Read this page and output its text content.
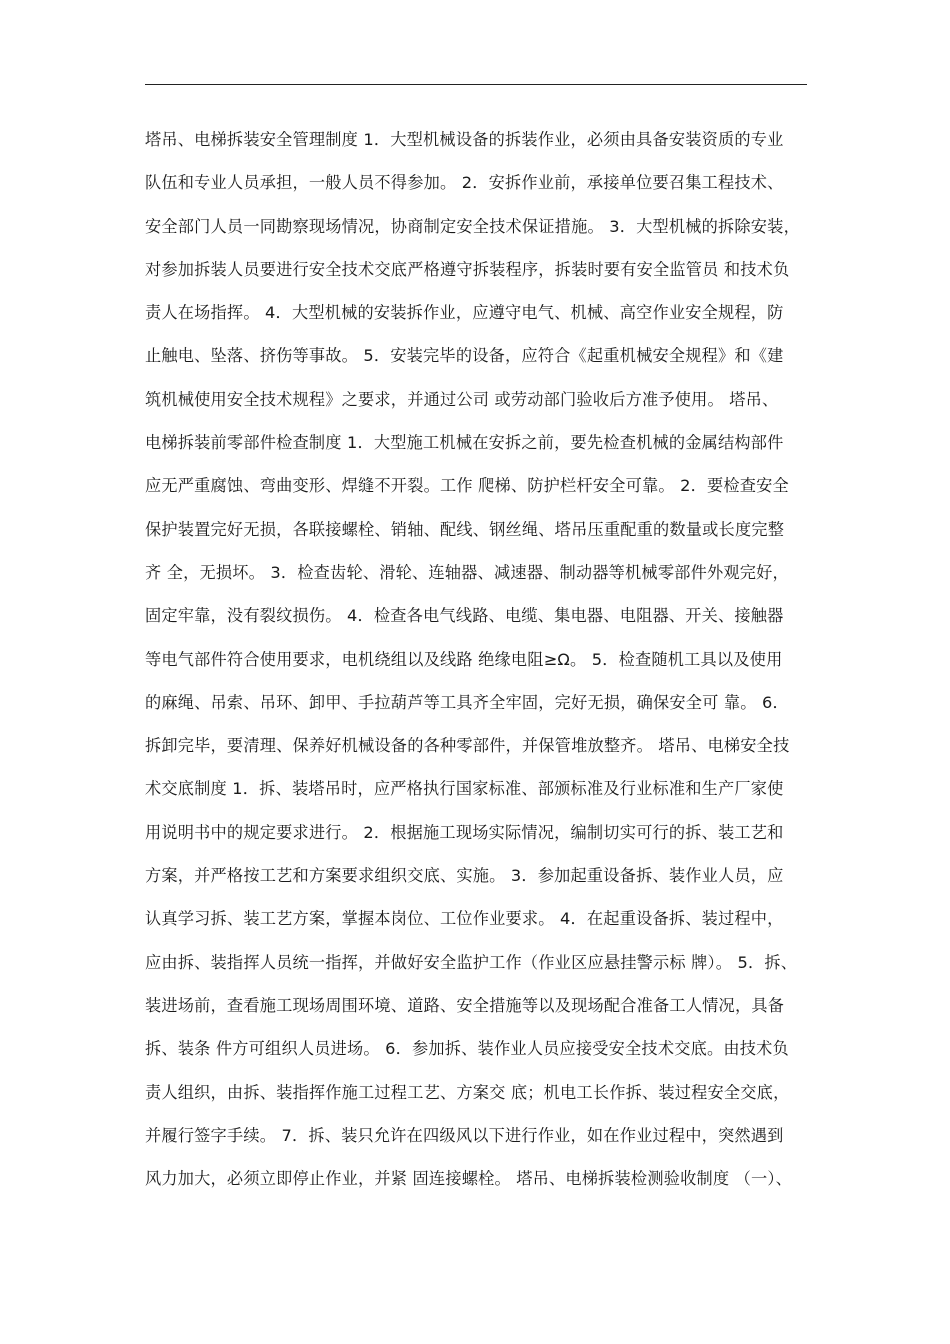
塔吊、电梯拆装安全管理制度 1．大型机械设备的拆装作业，必须由具备安装资质的专业
队伍和专业人员承担，一般人员不得参加。 2．安拆作业前，承接单位要召集工程技术、
安全部门人员一同勘察现场情况，协商制定安全技术保证措施。 3．大型机械的拆除安装，
对参加拆装人员要进行安全技术交底严格遵守拆装程序，拆装时要有安全监管员 和技术负
责人在场指挥。 4．大型机械的安装拆作业，应遵守电气、机械、高空作业安全规程，防
止触电、坠落、挤伤等事故。 5．安装完毕的设备，应符合《起重机械安全规程》和《建
筑机械使用安全技术规程》之要求，并通过公司 或劳动部门验收后方准予使用。 塔吊、
电梯拆装前零部件检查制度 1．大型施工机械在安拆之前，要先检查机械的金属结构部件
应无严重腐蚀、弯曲变形、焊缝不开裂。工作 爬梯、防护栏杆安全可靠。 2．要检查安全
保护装置完好无损，各联接螺栓、销轴、配线、钢丝绳、塔吊压重配重的数量或长度完整
齐 全，无损坏。 3．检查齿轮、滑轮、连轴器、减速器、制动器等机械零部件外观完好，
固定牢靠，没有裂纹损伤。 4．检查各电气线路、电缆、集电器、电阻器、开关、接触器
等电气部件符合使用要求，电机绕组以及线路 绝缘电阻≥Ω。 5．检查随机工具以及使用
的麻绳、吊索、吊环、卸甲、手拉葫芦等工具齐全牢固，完好无损，确保安全可 靠。 6．
拆卸完毕，要清理、保养好机械设备的各种零部件，并保管堆放整齐。 塔吊、电梯安全技
术交底制度 1．拆、装塔吊时，应严格执行国家标准、部颁标准及行业标准和生产厂家使
用说明书中的规定要求进行。 2．根据施工现场实际情况，编制切实可行的拆、装工艺和
方案，并严格按工艺和方案要求组织交底、实施。 3．参加起重设备拆、装作业人员，应
认真学习拆、装工艺方案，掌握本岗位、工位作业要求。 4．在起重设备拆、装过程中，
应由拆、装指挥人员统一指挥，并做好安全监护工作（作业区应悬挂警示标 牌）。 5．拆、
装进场前，查看施工现场周围环境、道路、安全措施等以及现场配合准备工人情况，具备
拆、装条 件方可组织人员进场。 6．参加拆、装作业人员应接受安全技术交底。由技术负
责人组织，由拆、装指挥作施工过程工艺、方案交 底；机电工长作拆、装过程安全交底，
并履行签字手续。 7．拆、装只允许在四级风以下进行作业，如在作业过程中，突然遇到
风力加大，必须立即停止作业，并紧 固连接螺栓。 塔吊、电梯拆装检测验收制度 （一）、
